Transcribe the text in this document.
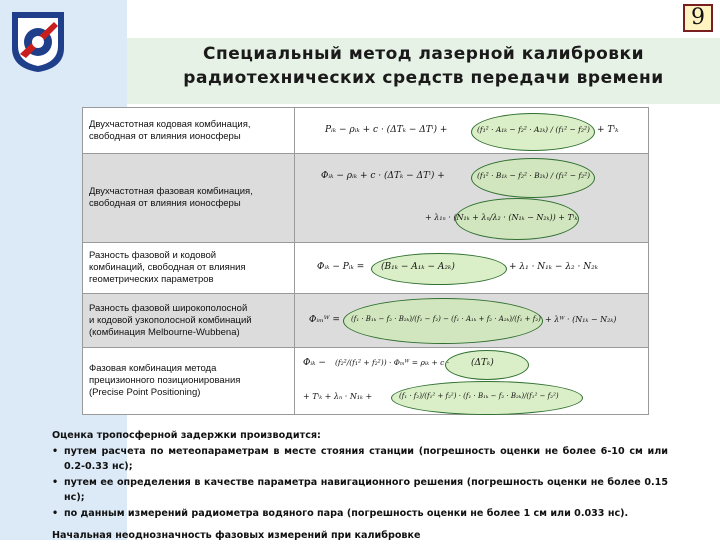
9
Специальный метод лазерной калибровки
радиотехнических средств передачи времени
Двухчастотная кодовая комбинация,
свободная от влияния ионосферы	Pᵢₖ − ρᵢₖ + c · (ΔTₖ − ΔTⁱ) + (f₁² · A₁ₖ − f₂² · A₂ₖ) / (f₁² − f₂²) + Tⁱₖ

Двухчастотная фазовая комбинация,
свободная от влияния ионосферы	Φᵢₖ − ρᵢₖ + c · (ΔTₖ − ΔTⁱ) + (f₁² · B₁ₖ − f₂² · B₂ₖ) / (f₁² − f₂²)
+ λ₁ₙ · (N₁ₖ + λₙ/λ₂ · (N₁ₖ − N₂ₖ)) + Tⁱₖ

Разность фазовой и кодовой
комбинаций, свободная от влияния
геометрических параметров	Φᵢₖ − Pᵢₖ = (B₁ₖ − A₁ₖ − A₂ₖ) + λ₁ · N₁ₖ − λ₂ · N₂ₖ

Разность фазовой широкополосной
и кодовой узкополосной комбинаций
(комбинация Melbourne-Wubbena)	Φᵢₘᵂ = (f₁ · B₁ₖ − f₂ · B₂ₖ)/(f₁ − f₂) − (f₁ · A₁ₖ + f₂ · A₂ₖ)/(f₁ + f₂) + λᵂ · (N₁ₖ − N₂ₖ)

Фазовая комбинация метода
прецизионного позиционирования
(Precise Point Positioning)	Φᵢₖ − (f₂²/(f₁² + f₂²)) · Φₘᵂ = ρᵢₖ + c · (ΔTₖ)
+ Tⁱₖ + λₙ · N₁ₖ + (f₁ · f₂)/(f₁² + f₂²) · (f₁ · B₁ₖ − f₂ · B₂ₖ)/(f₁² − f₂²)

Оценка тропосферной задержки производится:

• путем расчета по метеопараметрам в месте стояния станции (погрешность оценки не более 6-10 см или 0.2-0.33 нс);
• путем ее определения в качестве параметра навигационного решения (погрешность оценки не более 0.15 нс);
• по данным измерений радиометра водяного пара (погрешность оценки не более 1 см или 0.033 нс).

Начальная неоднозначность фазовых измерений при калибровке
